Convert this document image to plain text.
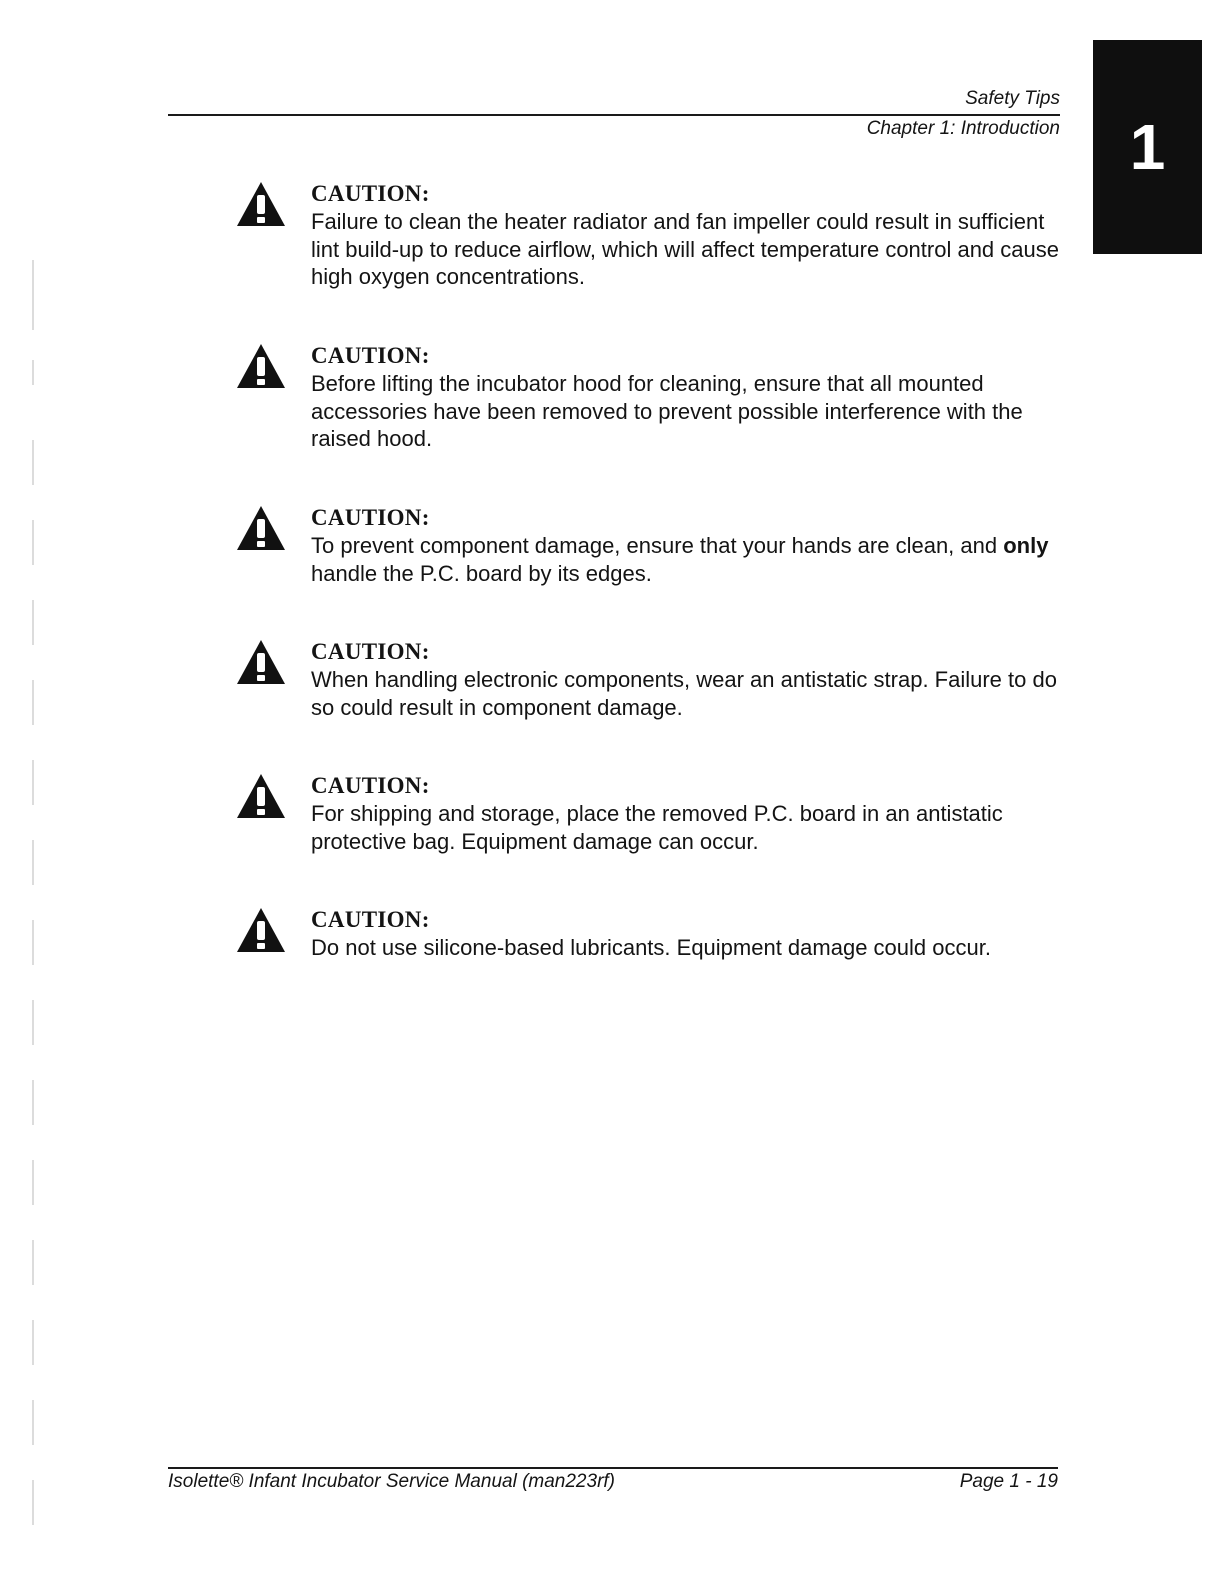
Safety Tips
Chapter 1: Introduction 1
CAUTION:
Failure to clean the heater radiator and fan impeller could result in sufficient lint build-up to reduce airflow, which will affect temperature control and cause high oxygen concentrations.
CAUTION:
Before lifting the incubator hood for cleaning, ensure that all mounted accessories have been removed to prevent possible interference with the raised hood.
CAUTION:
To prevent component damage, ensure that your hands are clean, and only handle the P.C. board by its edges.
CAUTION:
When handling electronic components, wear an antistatic strap. Failure to do so could result in component damage.
CAUTION:
For shipping and storage, place the removed P.C. board in an antistatic protective bag. Equipment damage can occur.
CAUTION:
Do not use silicone-based lubricants. Equipment damage could occur.
Isolette® Infant Incubator Service Manual (man223rf)	Page 1 - 19
